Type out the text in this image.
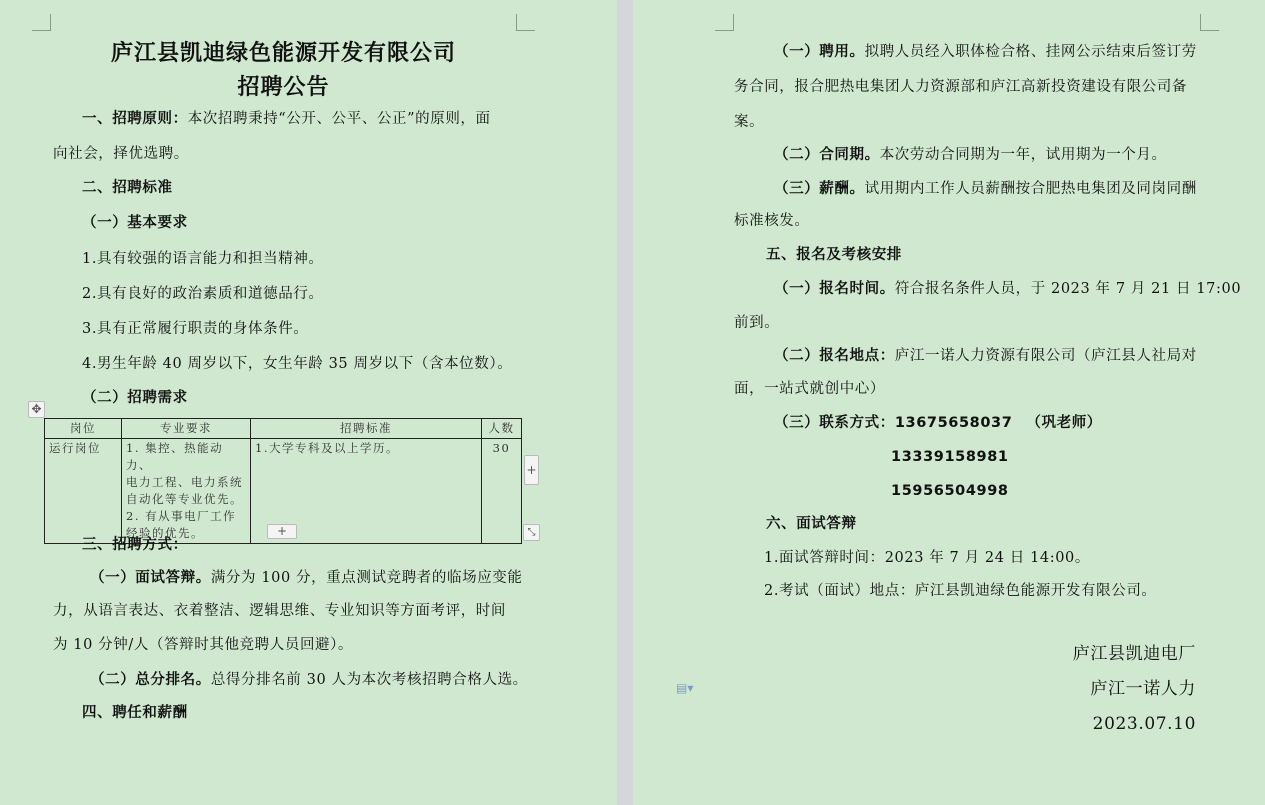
庐江县凯迪绿色能源开发有限公司
招聘公告
一、招聘原则：本次招聘秉持“公开、公平、公正”的原则，面
向社会，择优选聘。
二、招聘标准
（一）基本要求
1.具有较强的语言能力和担当精神。
2.具有良好的政治素质和道德品行。
3.具有正常履行职责的身体条件。
4.男生年龄 40 周岁以下，女生年龄 35 周岁以下（含本位数）。
（二）招聘需求
✥
岗位	专业要求	招聘标准	人数
运行岗位	1. 集控、热能动力、
电力工程、电力系统
自动化等专业优先。
2. 有从事电厂工作
经验的优先。	1.大学专科及以上学历。	30
+
+	⤡
三、招聘方式：
（一）面试答辩。满分为 100 分，重点测试竞聘者的临场应变能
力，从语言表达、衣着整洁、逻辑思维、专业知识等方面考评，时间
为 10 分钟/人（答辩时其他竞聘人员回避）。
（二）总分排名。总得分排名前 30 人为本次考核招聘合格人选。
四、聘任和薪酬
（一）聘用。拟聘人员经入职体检合格、挂网公示结束后签订劳
务合同，报合肥热电集团人力资源部和庐江高新投资建设有限公司备
案。
（二）合同期。本次劳动合同期为一年，试用期为一个月。
（三）薪酬。试用期内工作人员薪酬按合肥热电集团及同岗同酬
标准核发。
五、报名及考核安排
（一）报名时间。符合报名条件人员，于 2023 年 7 月 21 日 17:00
前到。
（二）报名地点：庐江一诺人力资源有限公司（庐江县人社局对
面，一站式就创中心）
（三）联系方式：13675658037 （巩老师）
13339158981
15956504998
六、面试答辩
1.面试答辩时间：2023 年 7 月 24 日 14:00。
2.考试（面试）地点：庐江县凯迪绿色能源开发有限公司。
庐江县凯迪电厂
庐江一诺人力
2023.07.10
▤▾
